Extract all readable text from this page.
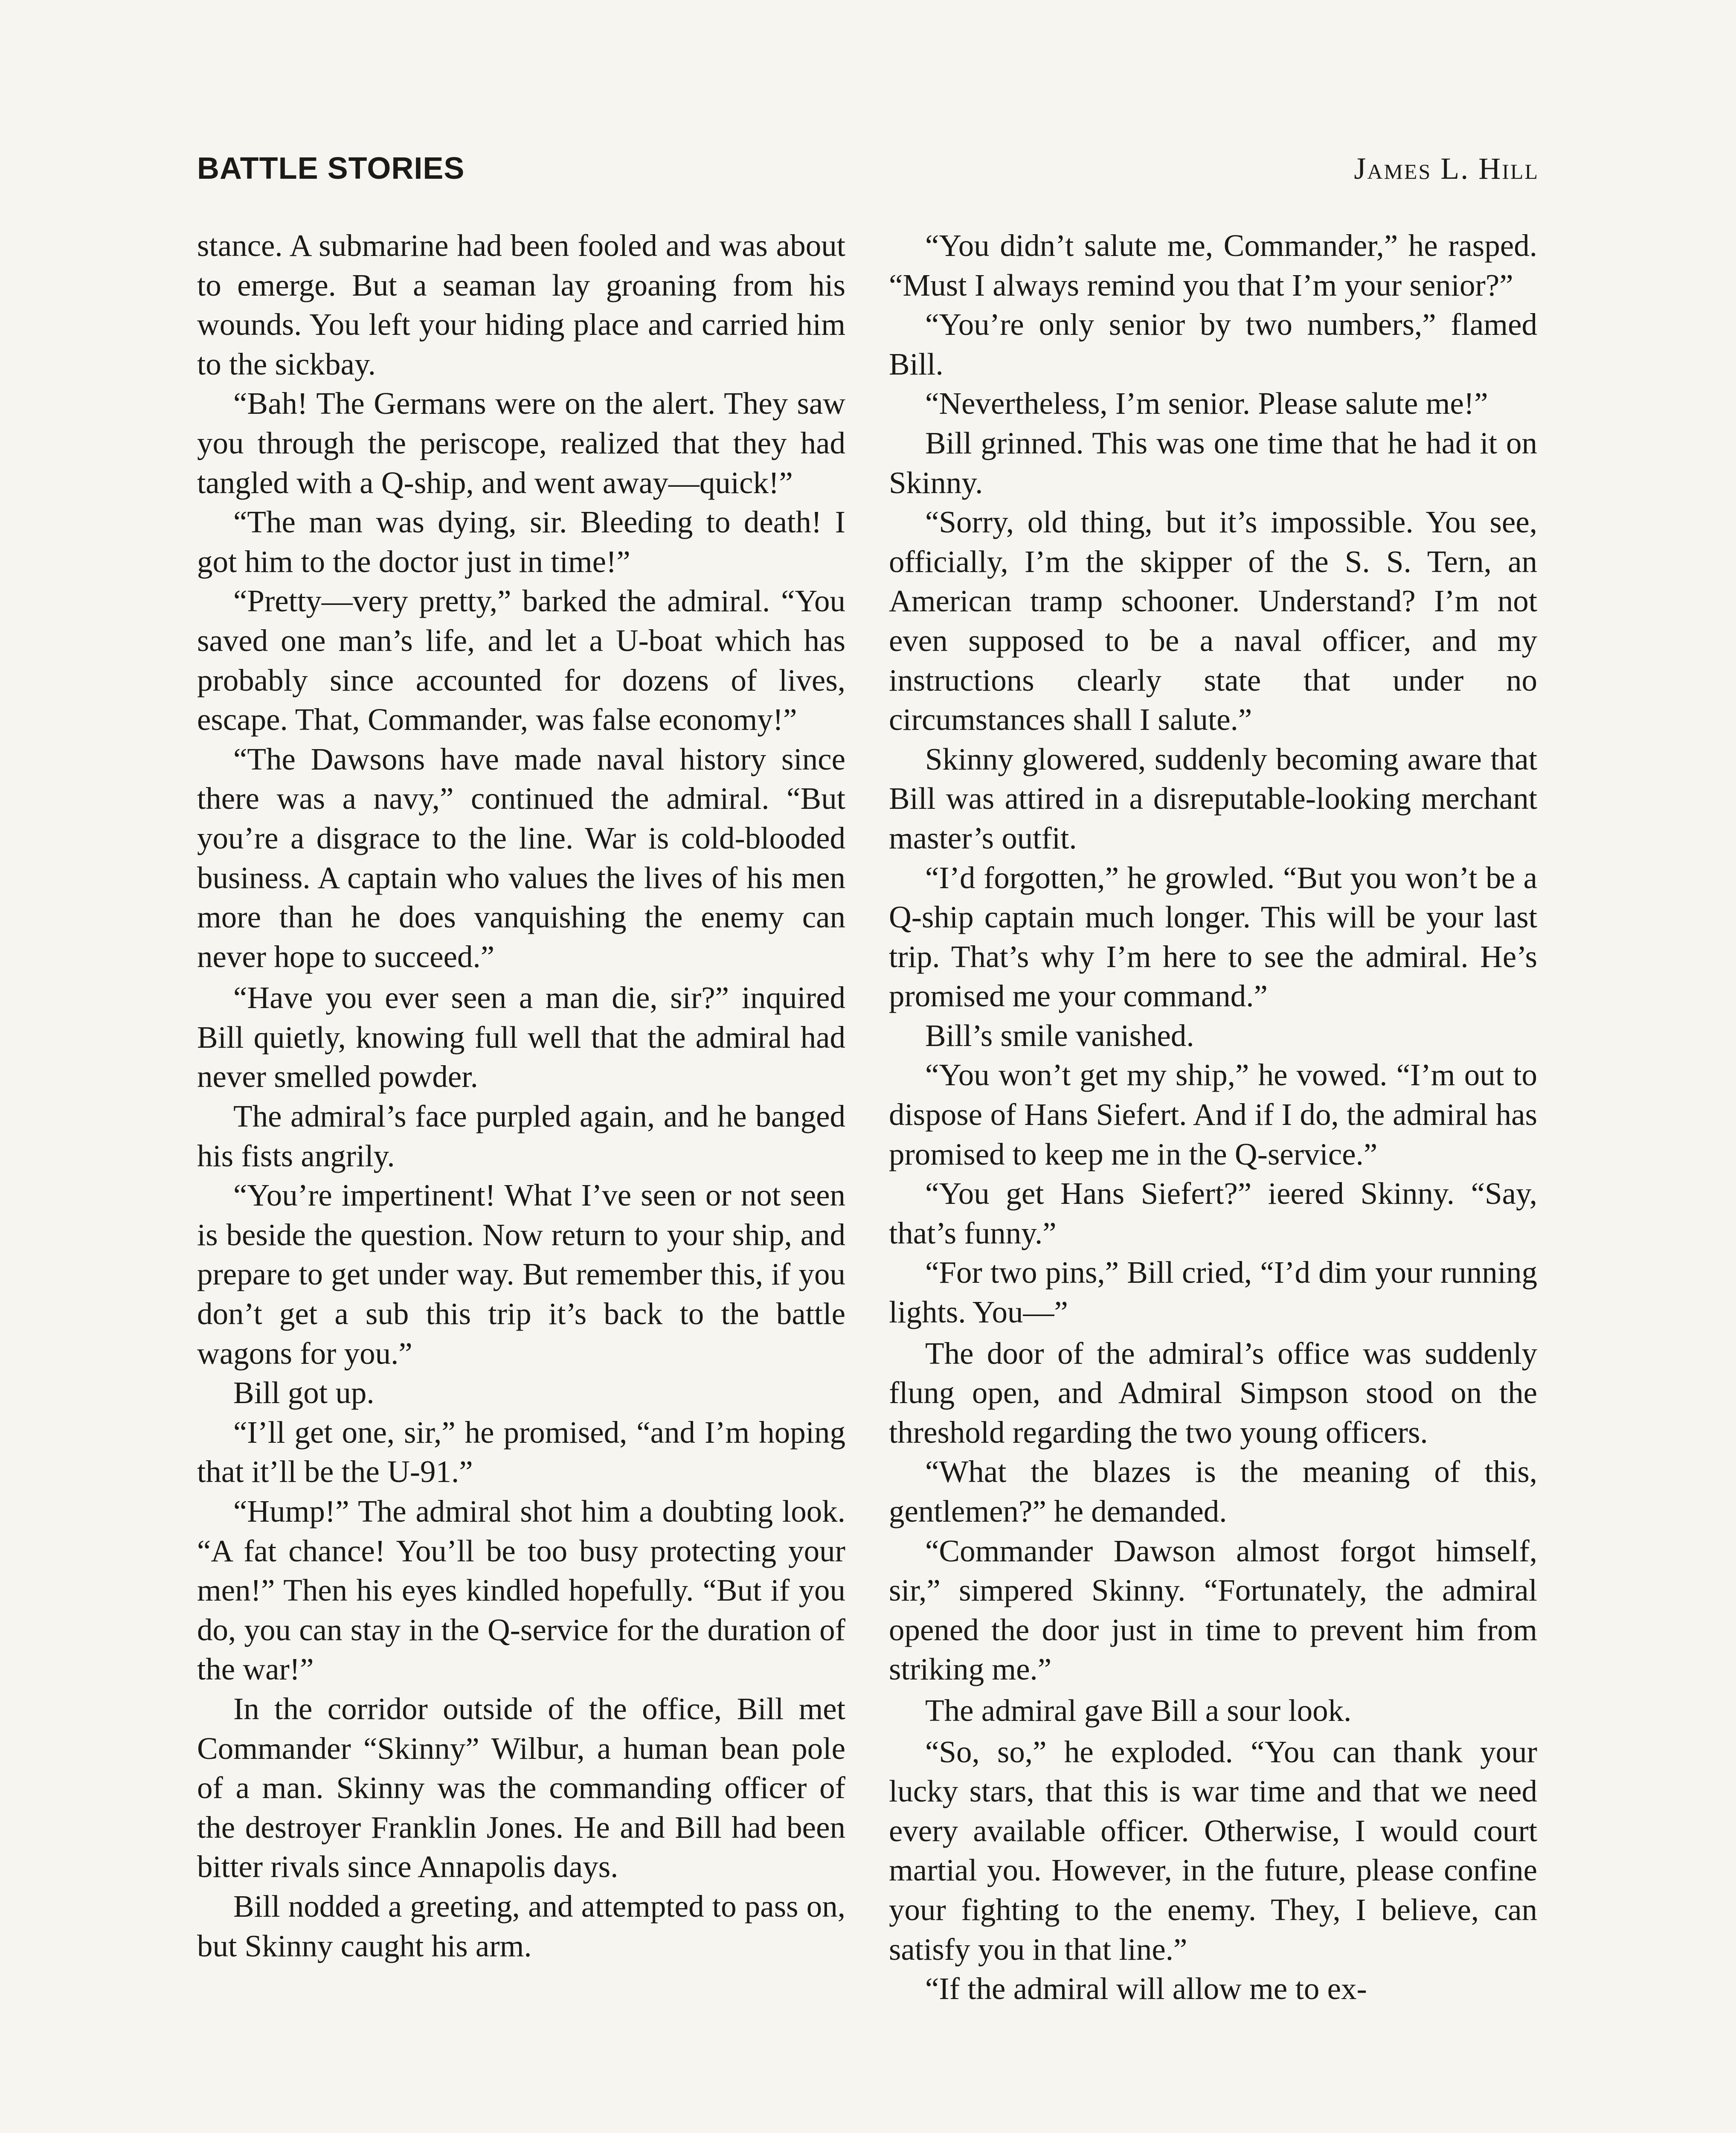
BATTLE STORIES	James L. Hill

stance. A submarine had been fooled and was about to emerge. But a seaman lay groaning from his wounds. You left your hiding place and carried him to the sickbay.

“Bah! The Germans were on the alert. They saw you through the periscope, realized that they had tangled with a Q-ship, and went away—quick!”

“The man was dying, sir. Bleeding to death! I got him to the doctor just in time!”

“Pretty—very pretty,” barked the admiral. “You saved one man’s life, and let a U-boat which has probably since accounted for dozens of lives, escape. That, Commander, was false economy!”

“The Dawsons have made naval history since there was a navy,” continued the admiral. “But you’re a disgrace to the line. War is cold-blooded business. A captain who values the lives of his men more than he does vanquishing the enemy can never hope to succeed.”

“Have you ever seen a man die, sir?” inquired Bill quietly, knowing full well that the admiral had never smelled powder.

The admiral’s face purpled again, and he banged his fists angrily.

“You’re impertinent! What I’ve seen or not seen is beside the question. Now return to your ship, and prepare to get under way. But remember this, if you don’t get a sub this trip it’s back to the battle wagons for you.”

Bill got up.

“I’ll get one, sir,” he promised, “and I’m hoping that it’ll be the U-91.”

“Hump!” The admiral shot him a doubting look. “A fat chance! You’ll be too busy protecting your men!” Then his eyes kindled hopefully. “But if you do, you can stay in the Q-service for the duration of the war!”

In the corridor outside of the office, Bill met Commander “Skinny” Wilbur, a human bean pole of a man. Skinny was the commanding officer of the destroyer Franklin Jones. He and Bill had been bitter rivals since Annapolis days.

Bill nodded a greeting, and attempted to pass on, but Skinny caught his arm.

“You didn’t salute me, Commander,” he rasped. “Must I always remind you that I’m your senior?”

“You’re only senior by two numbers,” flamed Bill.

“Nevertheless, I’m senior. Please salute me!”

Bill grinned. This was one time that he had it on Skinny.

“Sorry, old thing, but it’s impossible. You see, officially, I’m the skipper of the S. S. Tern, an American tramp schooner. Understand? I’m not even supposed to be a naval officer, and my instructions clearly state that under no circumstances shall I salute.”

Skinny glowered, suddenly becoming aware that Bill was attired in a disreputable-looking merchant master’s outfit.

“I’d forgotten,” he growled. “But you won’t be a Q-ship captain much longer. This will be your last trip. That’s why I’m here to see the admiral. He’s promised me your command.”

Bill’s smile vanished.

“You won’t get my ship,” he vowed. “I’m out to dispose of Hans Siefert. And if I do, the admiral has promised to keep me in the Q-service.”

“You get Hans Siefert?” ieered Skinny. “Say, that’s funny.”

“For two pins,” Bill cried, “I’d dim your running lights. You—”

The door of the admiral’s office was suddenly flung open, and Admiral Simpson stood on the threshold regarding the two young officers.

“What the blazes is the meaning of this, gentlemen?” he demanded.

“Commander Dawson almost forgot himself, sir,” simpered Skinny. “Fortunately, the admiral opened the door just in time to prevent him from striking me.”

The admiral gave Bill a sour look.

“So, so,” he exploded. “You can thank your lucky stars, that this is war time and that we need every available officer. Otherwise, I would court martial you. However, in the future, please confine your fighting to the enemy. They, I believe, can satisfy you in that line.”

“If the admiral will allow me to ex-
